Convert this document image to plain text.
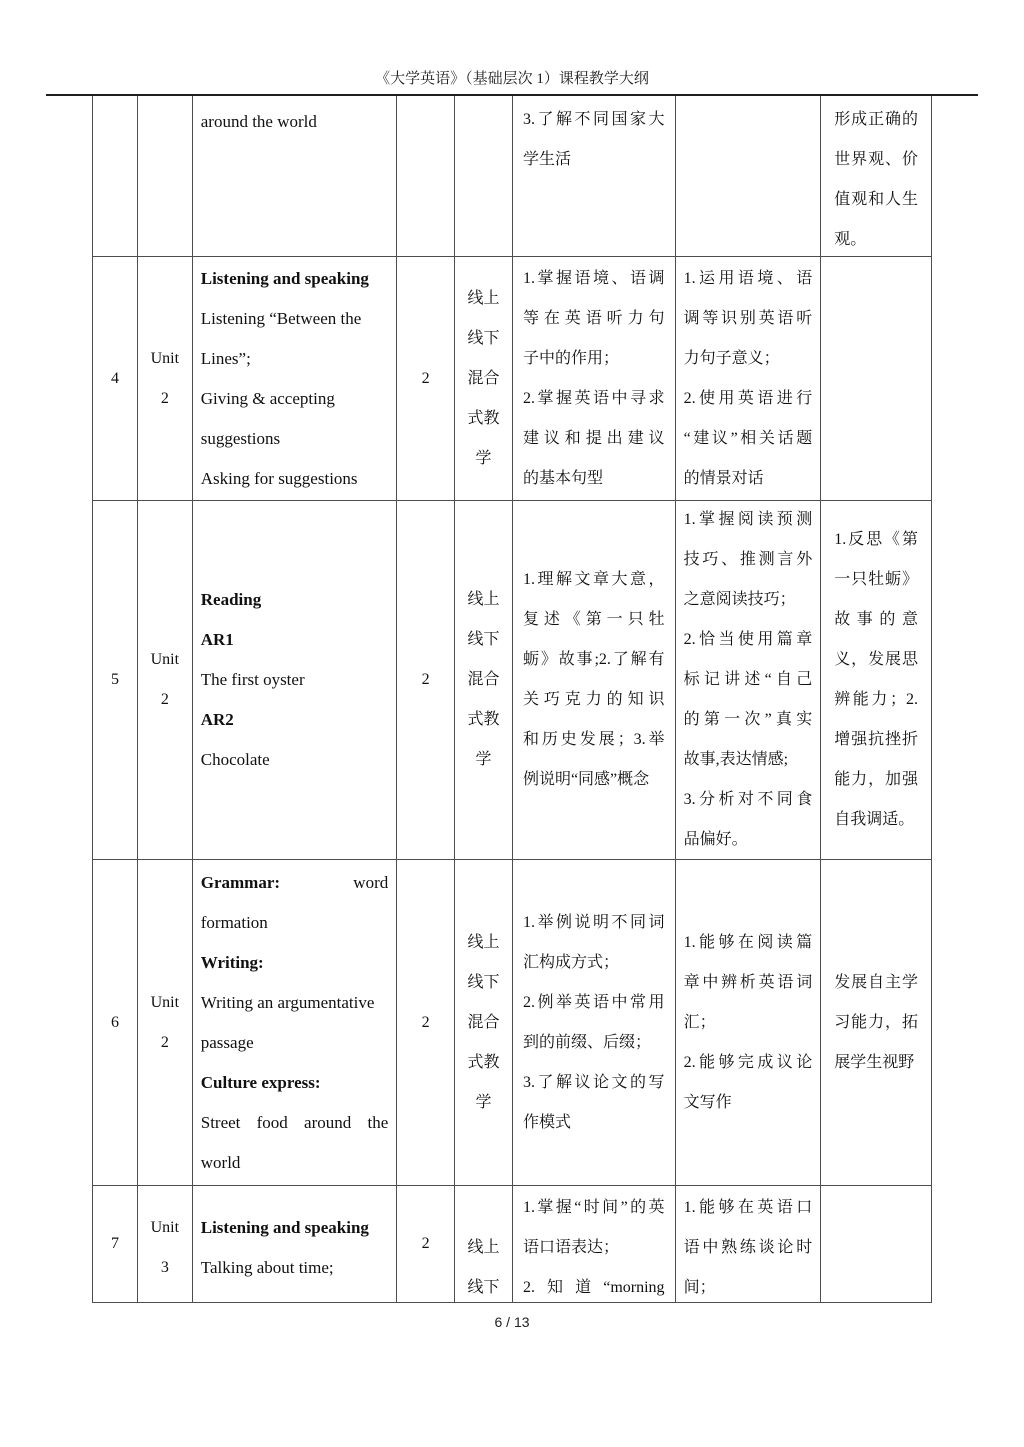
《大学英语》（基础层次 1）课程教学大纲
around the world	3.了解不同国家大
学生活
形成正确的
世界观、价
值观和人生
观。
4
Unit
2
Listening and speaking
Listening “Between the
Lines”;
Giving & accepting
suggestions
Asking for suggestions
2
线上
线下
混合
式教
学
1.掌握语境、语调
等在英语听力句
子中的作用；
2.掌握英语中寻求
建议和提出建议
的基本句型
1.运用语境、语
调等识别英语听
力句子意义；
2.使用英语进行
“建议”相关话题
的情景对话
5
Unit
2
Reading
AR1
The first oyster
AR2
Chocolate
2
线上
线下
混合
式教
学
1.理解文章大意，
复述《第一只牡
蛎》故事;2.了解有
关巧克力的知识
和历史发展；3.举
例说明“同感”概念
1.掌握阅读预测
技巧、推测言外
之意阅读技巧；
2.恰当使用篇章
标记讲述“自己
的第一次”真实
故事,表达情感;
3.分析对不同食
品偏好。
1.反思《第
一只牡蛎》
故事的意
义，发展思
辨能力；2.
增强抗挫折
能力，加强
自我调适。
6
Unit
2
Grammar:	word
formation
Writing:
Writing an argumentative
passage
Culture express:
Street food around the
world
2
线上
线下
混合
式教
学
1.举例说明不同词
汇构成方式；
2.例举英语中常用
到的前缀、后缀；
3.了解议论文的写
作模式
1.能够在阅读篇
章中辨析英语词
汇；
2.能够完成议论
文写作
发展自主学
习能力，拓
展学生视野
7
Unit
3
Listening and speaking
Talking about time;
2 线上
线下
1.掌握“时间”的英
语口语表达；
2.知道“morning
1.能够在英语口
语中熟练谈论时
间；
6 / 13
